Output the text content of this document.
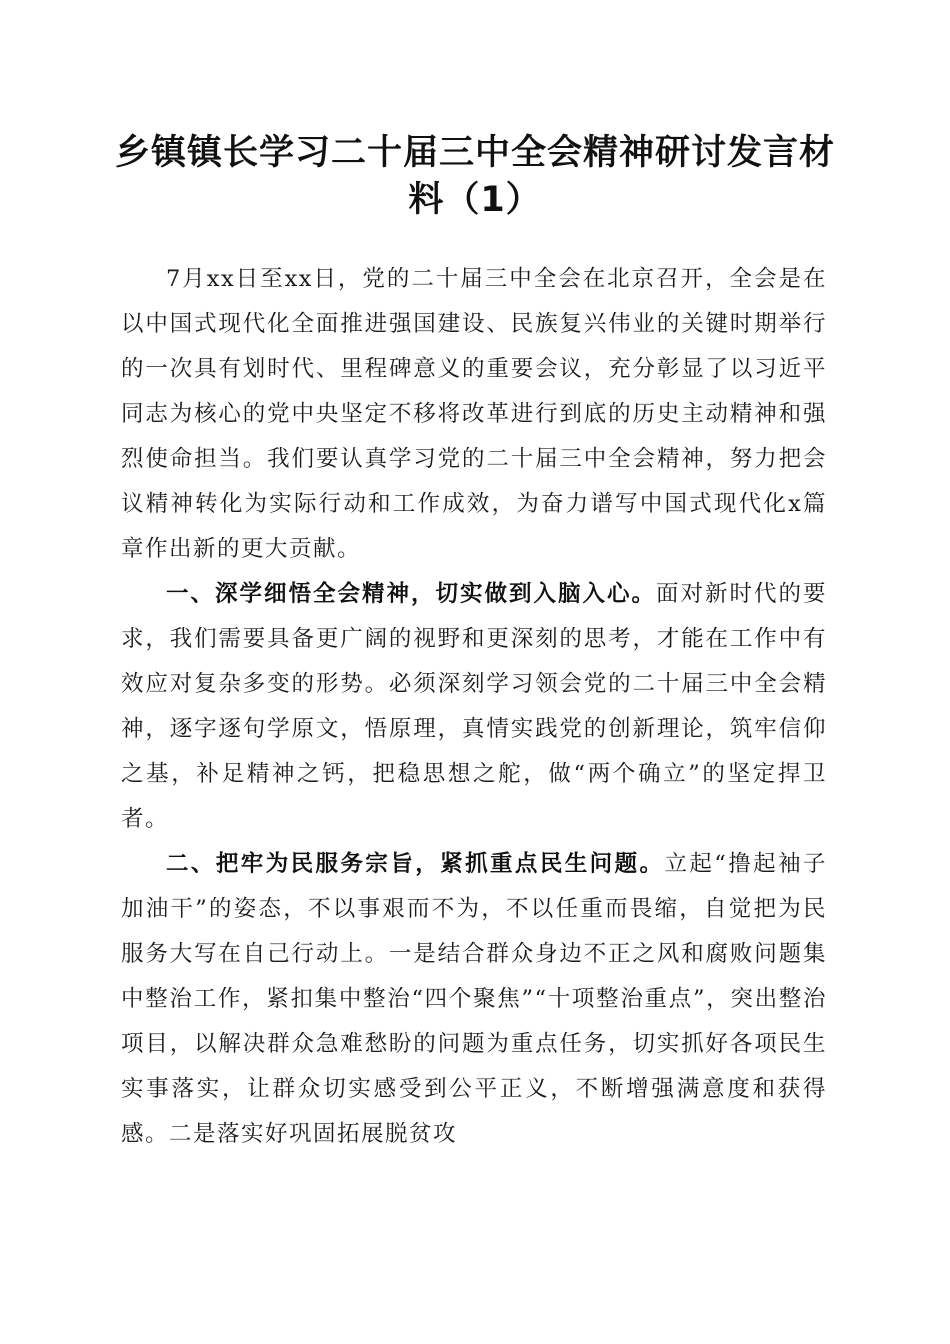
乡镇镇长学习二十届三中全会精神研讨发言材料（1）

7月xx日至xx日，党的二十届三中全会在北京召开，全会是在以中国式现代化全面推进强国建设、民族复兴伟业的关键时期举行的一次具有划时代、里程碑意义的重要会议，充分彰显了以习近平同志为核心的党中央坚定不移将改革进行到底的历史主动精神和强烈使命担当。我们要认真学习党的二十届三中全会精神，努力把会议精神转化为实际行动和工作成效，为奋力谱写中国式现代化x篇章作出新的更大贡献。

一、深学细悟全会精神，切实做到入脑入心。面对新时代的要求，我们需要具备更广阔的视野和更深刻的思考，才能在工作中有效应对复杂多变的形势。必须深刻学习领会党的二十届三中全会精神，逐字逐句学原文，悟原理，真情实践党的创新理论，筑牢信仰之基，补足精神之钙，把稳思想之舵，做“两个确立”的坚定捍卫者。

二、把牢为民服务宗旨，紧抓重点民生问题。立起“撸起袖子加油干”的姿态，不以事艰而不为，不以任重而畏缩，自觉把为民服务大写在自己行动上。一是结合群众身边不正之风和腐败问题集中整治工作，紧扣集中整治“四个聚焦”“十项整治重点”，突出整治项目，以解决群众急难愁盼的问题为重点任务，切实抓好各项民生实事落实，让群众切实感受到公平正义，不断增强满意度和获得感。二是落实好巩固拓展脱贫攻
